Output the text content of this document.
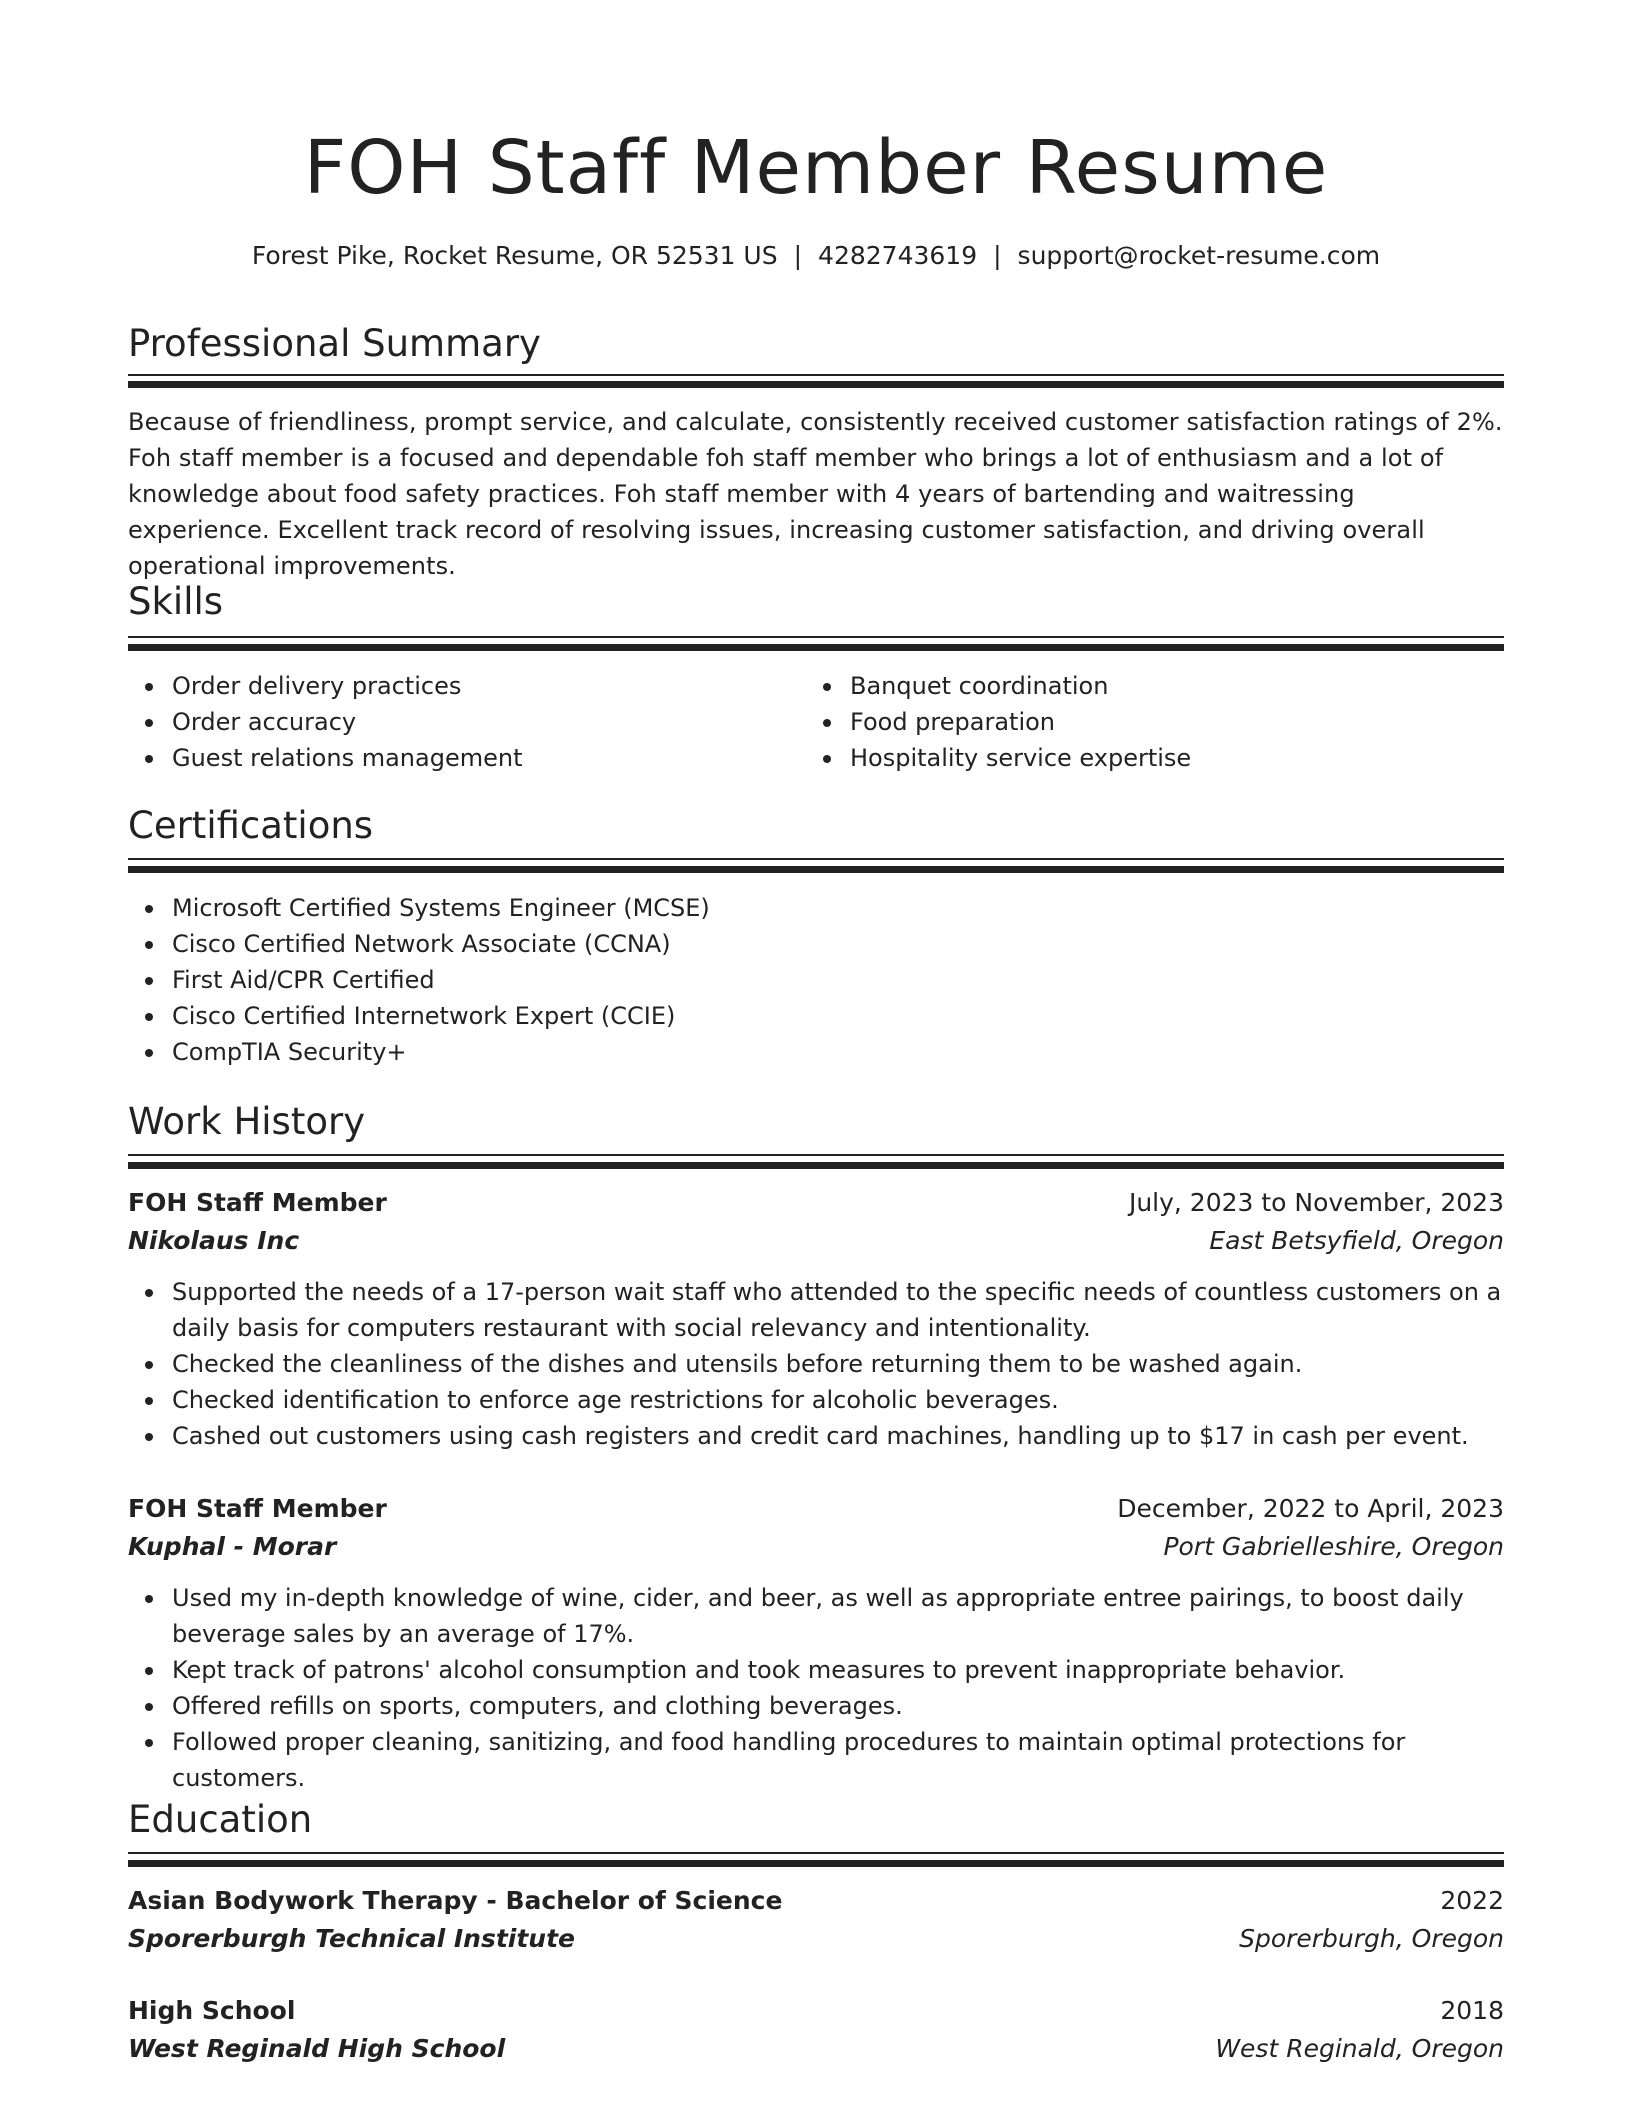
FOH Staff Member Resume
Forest Pike, Rocket Resume, OR 52531 US | 4282743619 | support@rocket-resume.com
Professional Summary
Because of friendliness, prompt service, and calculate, consistently received customer satisfaction ratings of 2%. Foh staff member is a focused and dependable foh staff member who brings a lot of enthusiasm and a lot of knowledge about food safety practices. Foh staff member with 4 years of bartending and waitressing experience. Excellent track record of resolving issues, increasing customer satisfaction, and driving overall operational improvements.
Skills
Order delivery practices
Order accuracy
Guest relations management
Banquet coordination
Food preparation
Hospitality service expertise
Certifications
Microsoft Certified Systems Engineer (MCSE)
Cisco Certified Network Associate (CCNA)
First Aid/CPR Certified
Cisco Certified Internetwork Expert (CCIE)
CompTIA Security+
Work History
FOH Staff Member	July, 2023 to November, 2023
Nikolaus Inc	East Betsyfield, Oregon
Supported the needs of a 17-person wait staff who attended to the specific needs of countless customers on a daily basis for computers restaurant with social relevancy and intentionality.
Checked the cleanliness of the dishes and utensils before returning them to be washed again.
Checked identification to enforce age restrictions for alcoholic beverages.
Cashed out customers using cash registers and credit card machines, handling up to $17 in cash per event.
FOH Staff Member	December, 2022 to April, 2023
Kuphal - Morar	Port Gabrielleshire, Oregon
Used my in-depth knowledge of wine, cider, and beer, as well as appropriate entree pairings, to boost daily beverage sales by an average of 17%.
Kept track of patrons' alcohol consumption and took measures to prevent inappropriate behavior.
Offered refills on sports, computers, and clothing beverages.
Followed proper cleaning, sanitizing, and food handling procedures to maintain optimal protections for customers.
Education
Asian Bodywork Therapy - Bachelor of Science	2022
Sporerburgh Technical Institute	Sporerburgh, Oregon
High School	2018
West Reginald High School	West Reginald, Oregon
